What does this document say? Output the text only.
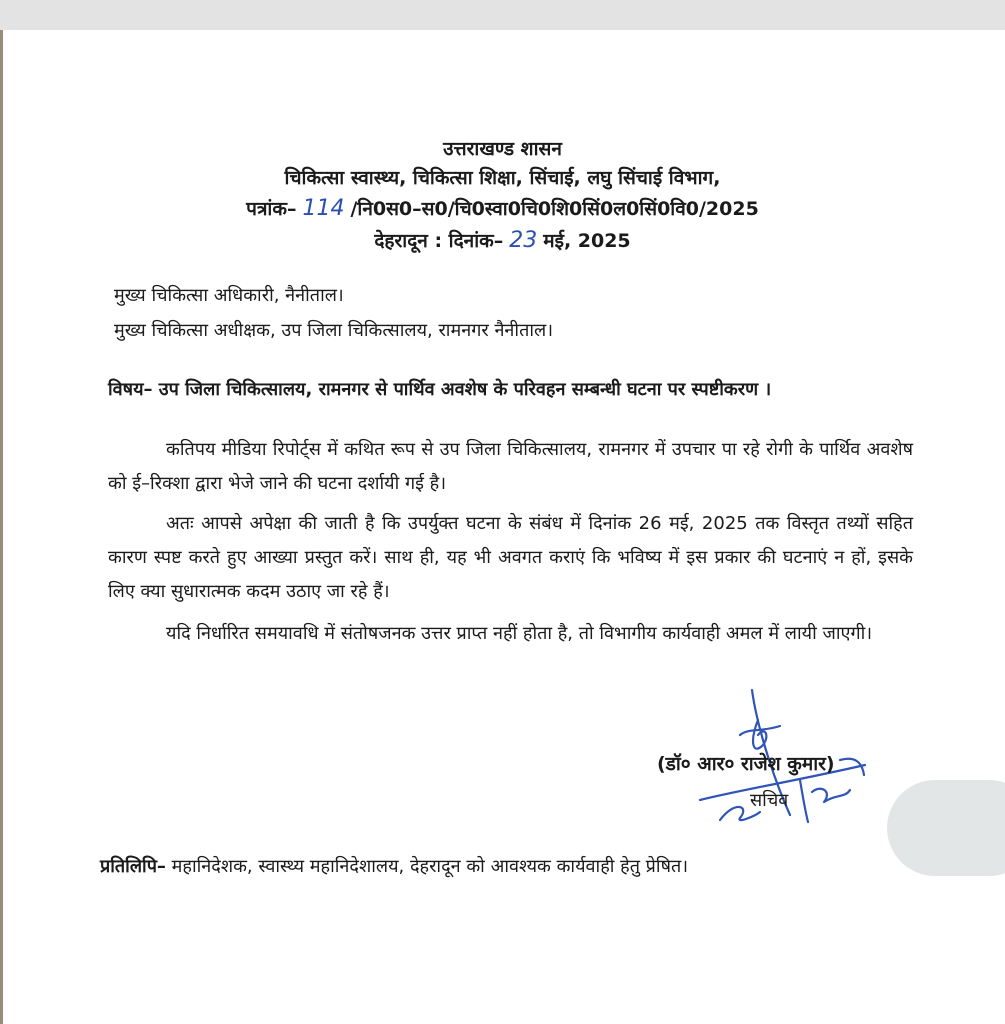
उत्तराखण्ड शासन
चिकित्सा स्वास्थ्य, चिकित्सा शिक्षा, सिंचाई, लघु सिंचाई विभाग,
पत्रांक– 114 /नि0स0–स0/चि0स्वा0चि0शि0सिं0ल0सिं0वि0/2025
देहरादून : दिनांक– 23 मई, 2025
मुख्य चिकित्सा अधिकारी, नैनीताल।
मुख्य चिकित्सा अधीक्षक, उप जिला चिकित्सालय, रामनगर नैनीताल।
विषय– उप जिला चिकित्सालय, रामनगर से पार्थिव अवशेष के परिवहन सम्बन्धी घटना पर स्पष्टीकरण ।
कतिपय मीडिया रिपोर्ट्स में कथित रूप से उप जिला चिकित्सालय, रामनगर में उपचार पा रहे रोगी के पार्थिव अवशेष को ई–रिक्शा द्वारा भेजे जाने की घटना दर्शायी गई है।
अतः आपसे अपेक्षा की जाती है कि उपर्युक्त घटना के संबंध में दिनांक 26 मई, 2025 तक विस्तृत तथ्यों सहित कारण स्पष्ट करते हुए आख्या प्रस्तुत करें। साथ ही, यह भी अवगत कराएं कि भविष्य में इस प्रकार की घटनाएं न हों, इसके लिए क्या सुधारात्मक कदम उठाए जा रहे हैं।
यदि निर्धारित समयावधि में संतोषजनक उत्तर प्राप्त नहीं होता है, तो विभागीय कार्यवाही अमल में लायी जाएगी।
(डॉ० आर० राजेश कुमार)
सचिव
प्रतिलिपि– महानिदेशक, स्वास्थ्य महानिदेशालय, देहरादून को आवश्यक कार्यवाही हेतु प्रेषित।
